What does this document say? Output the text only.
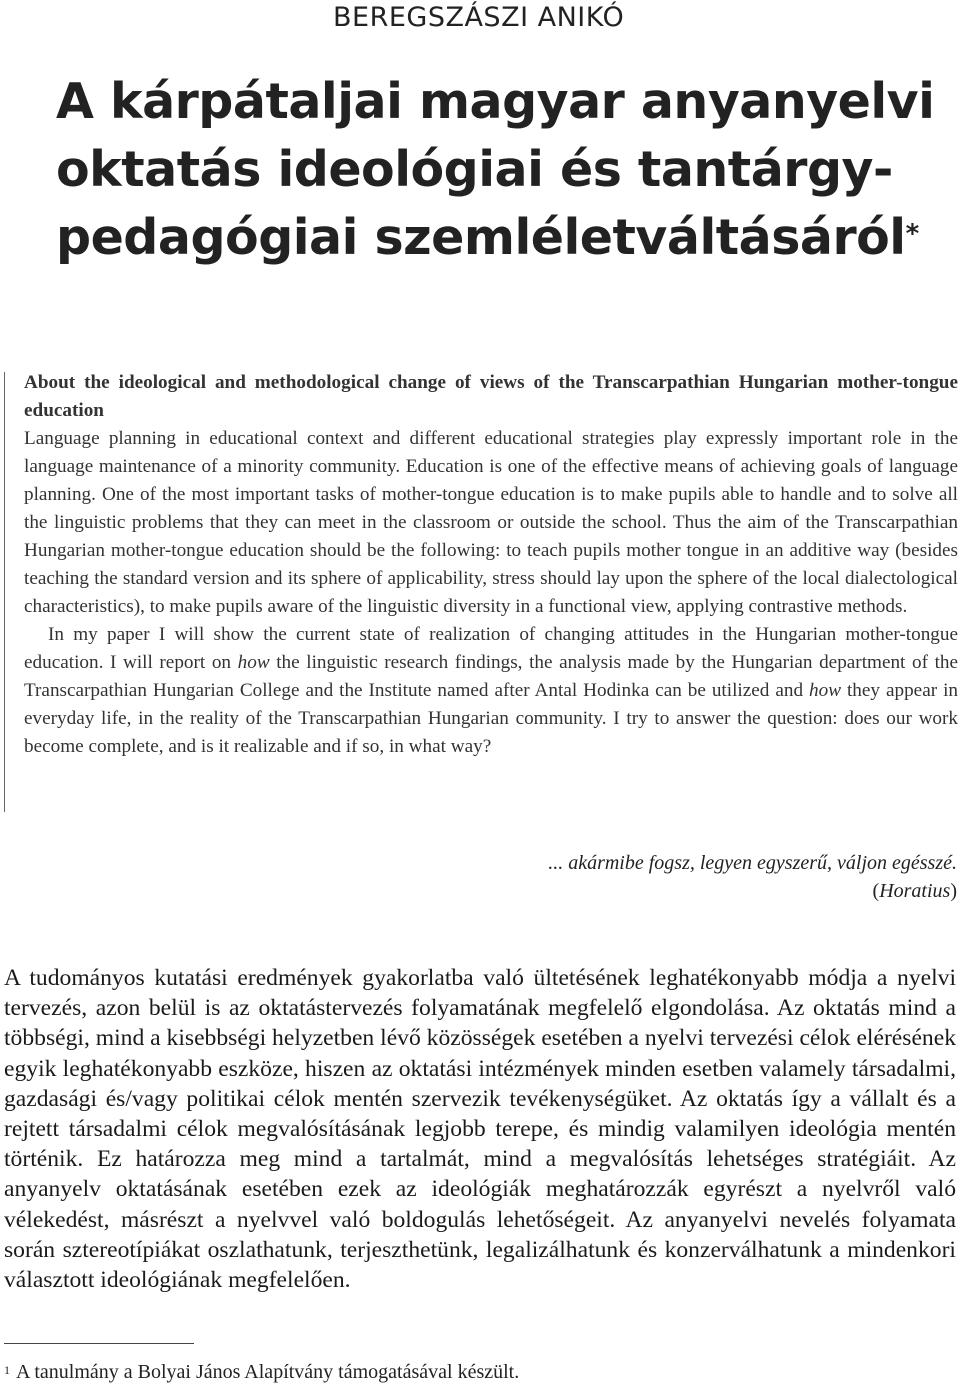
BEREGSZÁSZI ANIKÓ
A kárpátaljai magyar anyanyelvi oktatás ideológiai és tantárgy-pedagógiai szemléletváltásáról*

About the ideological and methodological change of views of the Transcarpathian Hungarian mother-tongue education

Language planning in educational context and different educational strategies play expressly important role in the language maintenance of a minority community. Education is one of the effective means of achieving goals of language planning. One of the most important tasks of mother-tongue education is to make pupils able to handle and to solve all the linguistic problems that they can meet in the classroom or outside the school. Thus the aim of the Transcarpathian Hungarian mother-tongue education should be the following: to teach pupils mother tongue in an additive way (besides teaching the standard version and its sphere of applicability, stress should lay upon the sphere of the local dialectological characteristics), to make pupils aware of the linguistic diversity in a functional view, applying contrastive methods.

In my paper I will show the current state of realization of changing attitudes in the Hungarian mother-tongue education. I will report on how the linguistic research findings, the analysis made by the Hungarian department of the Transcarpathian Hungarian College and the Institute named after Antal Hodinka can be utilized and how they appear in everyday life, in the reality of the Transcarpathian Hungarian community. I try to answer the question: does our work become complete, and is it realizable and if so, in what way?

... akármibe fogsz, legyen egyszerű, váljon egésszé.
(Horatius)

A tudományos kutatási eredmények gyakorlatba való ültetésének leghatékonyabb módja a nyelvi tervezés, azon belül is az oktatástervezés folyamatának megfelelő elgondolása. Az oktatás mind a többségi, mind a kisebbségi helyzetben lévő közösségek esetében a nyelvi tervezési célok elérésének egyik leghatékonyabb eszköze, hiszen az oktatási intézmények minden esetben valamely társadalmi, gazdasági és/vagy politikai célok mentén szervezik tevékenységüket. Az oktatás így a vállalt és a rejtett társadalmi célok megvalósításának legjobb terepe, és mindig valamilyen ideológia mentén történik. Ez határozza meg mind a tartalmát, mind a megvalósítás lehetséges stratégiáit. Az anyanyelv oktatásának esetében ezek az ideológiák meghatározzák egyrészt a nyelvről való vélekedést, másrészt a nyelvvel való boldogulás lehetőségeit. Az anyanyelvi nevelés folyamata során sztereotípiákat oszlathatunk, terjeszthetünk, legalizálhatunk és konzerválhatunk a mindenkori választott ideológiának megfelelően.

$^1$ A tanulmány a Bolyai János Alapítvány támogatásával készült.
